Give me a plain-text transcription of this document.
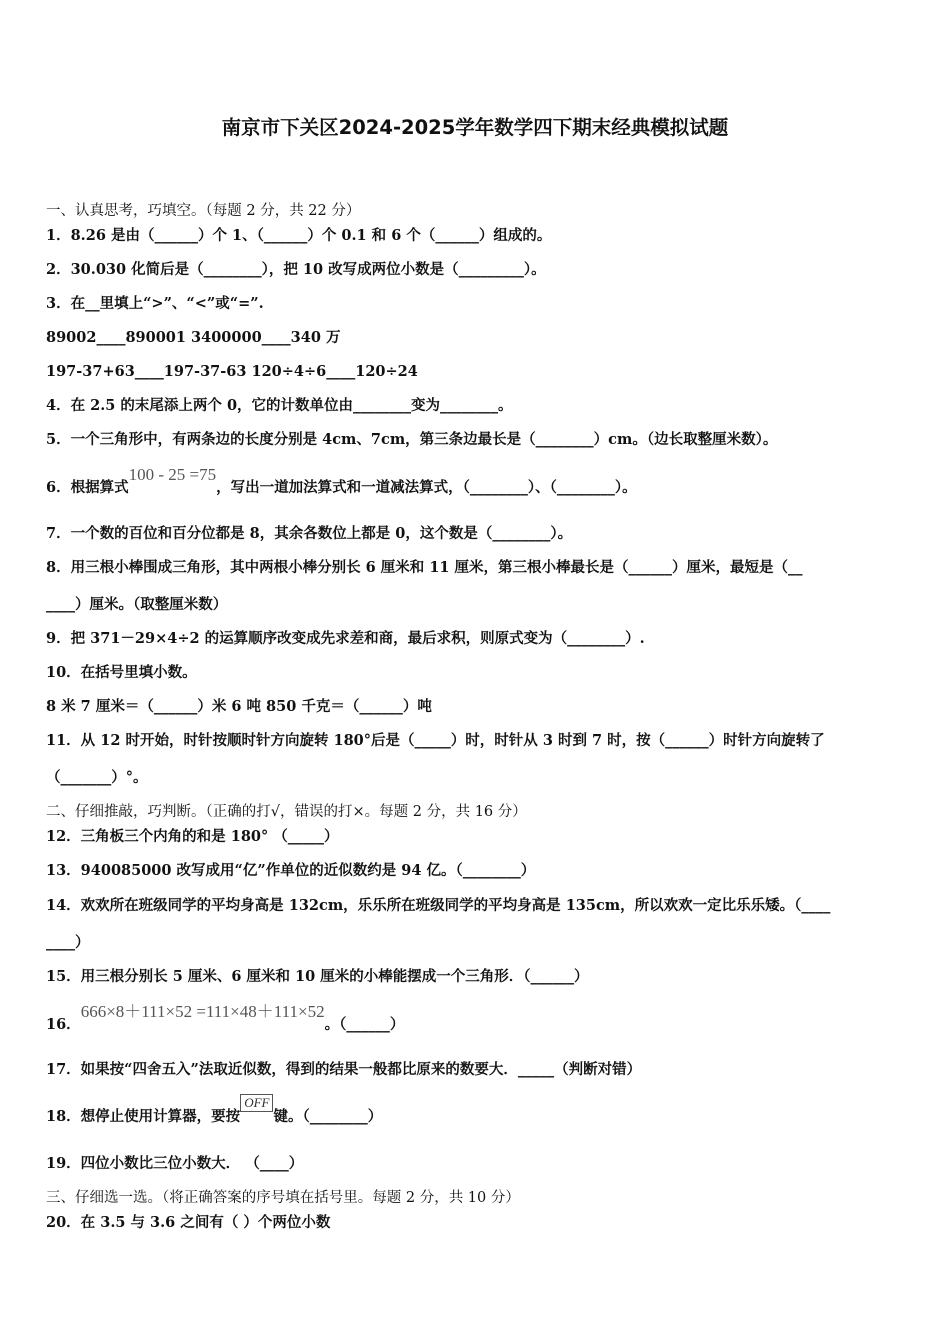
南京市下关区2024-2025学年数学四下期末经典模拟试题
一、认真思考，巧填空。（每题 2 分，共 22 分）
1．8.26 是由（______）个 1、（______）个 0.1 和 6 个（______）组成的。
2．30.030 化简后是（________），把 10 改写成两位小数是（_________）。
3．在__里填上“>”、“<”或“=”.
89002____890001 3400000____340 万
197-37+63____197-37-63 120÷4÷6____120÷24
4．在 2.5 的末尾添上两个 0，它的计数单位由________变为________。
5．一个三角形中，有两条边的长度分别是 4cm、7cm，第三条边最长是（________）cm。（边长取整厘米数）。
6．根据算式100 - 25 =75，写出一道加法算式和一道减法算式，（________）、（________）。
7．一个数的百位和百分位都是 8，其余各数位上都是 0，这个数是（________）。
8．用三根小棒围成三角形，其中两根小棒分别长 6 厘米和 11 厘米，第三根小棒最长是（______）厘米，最短是（__
____）厘米。（取整厘米数）
9．把 371－29×4÷2 的运算顺序改变成先求差和商，最后求积，则原式变为（________）.
10．在括号里填小数。
8 米 7 厘米＝（______）米 6 吨 850 千克＝（______）吨
11．从 12 时开始，时针按顺时针方向旋转 180°后是（_____）时，时针从 3 时到 7 时，按（______）时针方向旋转了
（_______）°。
二、仔细推敲，巧判断。（正确的打√，错误的打×。每题 2 分，共 16 分）
12．三角板三个内角的和是 180° （_____）
13．940085000 改写成用“亿”作单位的近似数约是 94 亿。（________）
14．欢欢所在班级同学的平均身高是 132cm，乐乐所在班级同学的平均身高是 135cm，所以欢欢一定比乐乐矮。（____
____）
15．用三根分别长 5 厘米、6 厘米和 10 厘米的小棒能摆成一个三角形．（______）
16．666×8＋111×52 =111×48＋111×52。（______）
17．如果按“四舍五入”法取近似数，得到的结果一般都比原来的数要大．_____（判断对错）
18．想停止使用计算器，要按OFF键。（________）
19．四位小数比三位小数大． （____）
三、仔细选一选。（将正确答案的序号填在括号里。每题 2 分，共 10 分）
20．在 3.5 与 3.6 之间有（ ）个两位小数
